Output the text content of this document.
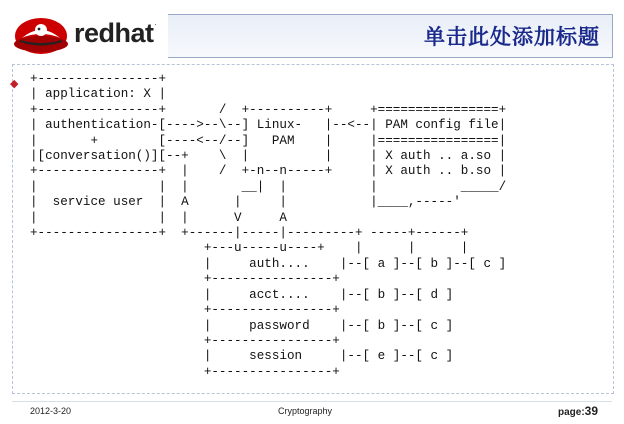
redhat.
单击此处添加标题
◆ +----------------+
| application: X |
+----------------+       /  +----------+     +================+
| authentication-[---->--\--] Linux-   |--<--| PAM config file|
|       +        [----<--/--]   PAM    |     |================|
|[conversation()][--+    \  |          |     | X auth .. a.so |
+----------------+  |    /  +-n--n-----+     | X auth .. b.so |
|                |  |       __|  |           |           _____/
|  service user  |  A      |     |           |____,-----'
|                |  |      V     A
+----------------+  +------|-----|---------+ -----+------+
+---u-----u----+    |      |      |
|     auth....    |--[ a ]--[ b ]--[ c ]
+----------------+
|     acct....    |--[ b ]--[ d ]
+----------------+
|     password    |--[ b ]--[ c ]
+----------------+
|     session     |--[ e ]--[ c ]
+----------------+
2012-3-20	Cryptography	page:39
